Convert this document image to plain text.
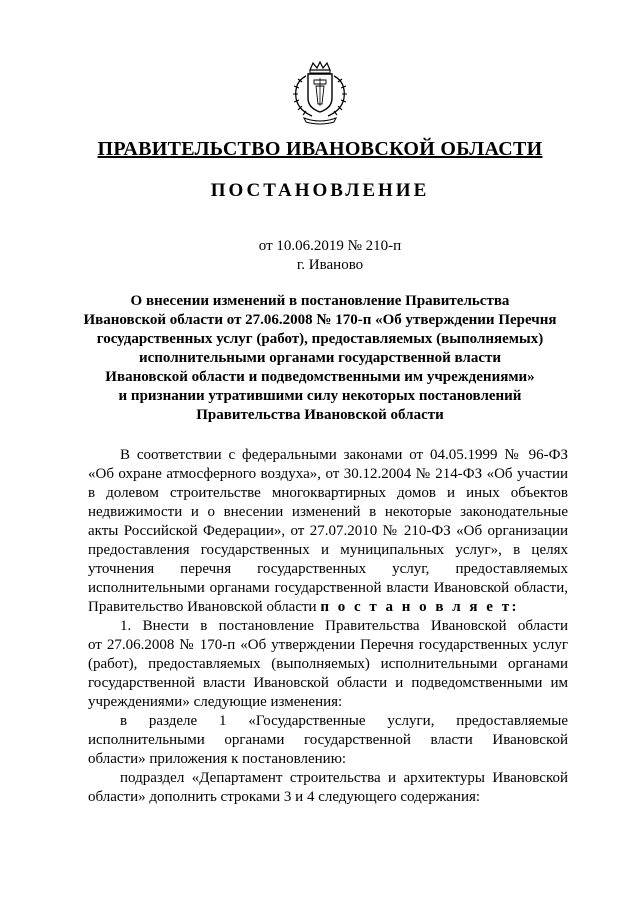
ПРАВИТЕЛЬСТВО ИВАНОВСКОЙ ОБЛАСТИ
ПОСТАНОВЛЕНИЕ
от 10.06.2019 № 210-п
г. Иваново
О внесении изменений в постановление Правительства
Ивановской области от 27.06.2008 № 170-п «Об утверждении Перечня
государственных услуг (работ), предоставляемых (выполняемых)
исполнительными органами государственной власти
Ивановской области и подведомственными им учреждениями»
и признании утратившими силу некоторых постановлений
Правительства Ивановской области
В соответствии с федеральными законами от 04.05.1999 № 96-ФЗ
«Об охране атмосферного воздуха», от 30.12.2004 № 214-ФЗ «Об участии
в долевом строительстве многоквартирных домов и иных объектов
недвижимости и о внесении изменений в некоторые законодательные
акты Российской Федерации», от 27.07.2010 № 210-ФЗ «Об организации
предоставления государственных и муниципальных услуг», в целях
уточнения перечня государственных услуг, предоставляемых
исполнительными органами государственной власти Ивановской области,
Правительство Ивановской области п о с т а н о в л я е т:
1. Внести в постановление Правительства Ивановской области
от 27.06.2008 № 170-п «Об утверждении Перечня государственных услуг
(работ), предоставляемых (выполняемых) исполнительными органами
государственной власти Ивановской области и подведомственными им
учреждениями» следующие изменения:
в разделе 1 «Государственные услуги, предоставляемые
исполнительными органами государственной власти Ивановской
области» приложения к постановлению:
подраздел «Департамент строительства и архитектуры Ивановской
области» дополнить строками 3 и 4 следующего содержания:
